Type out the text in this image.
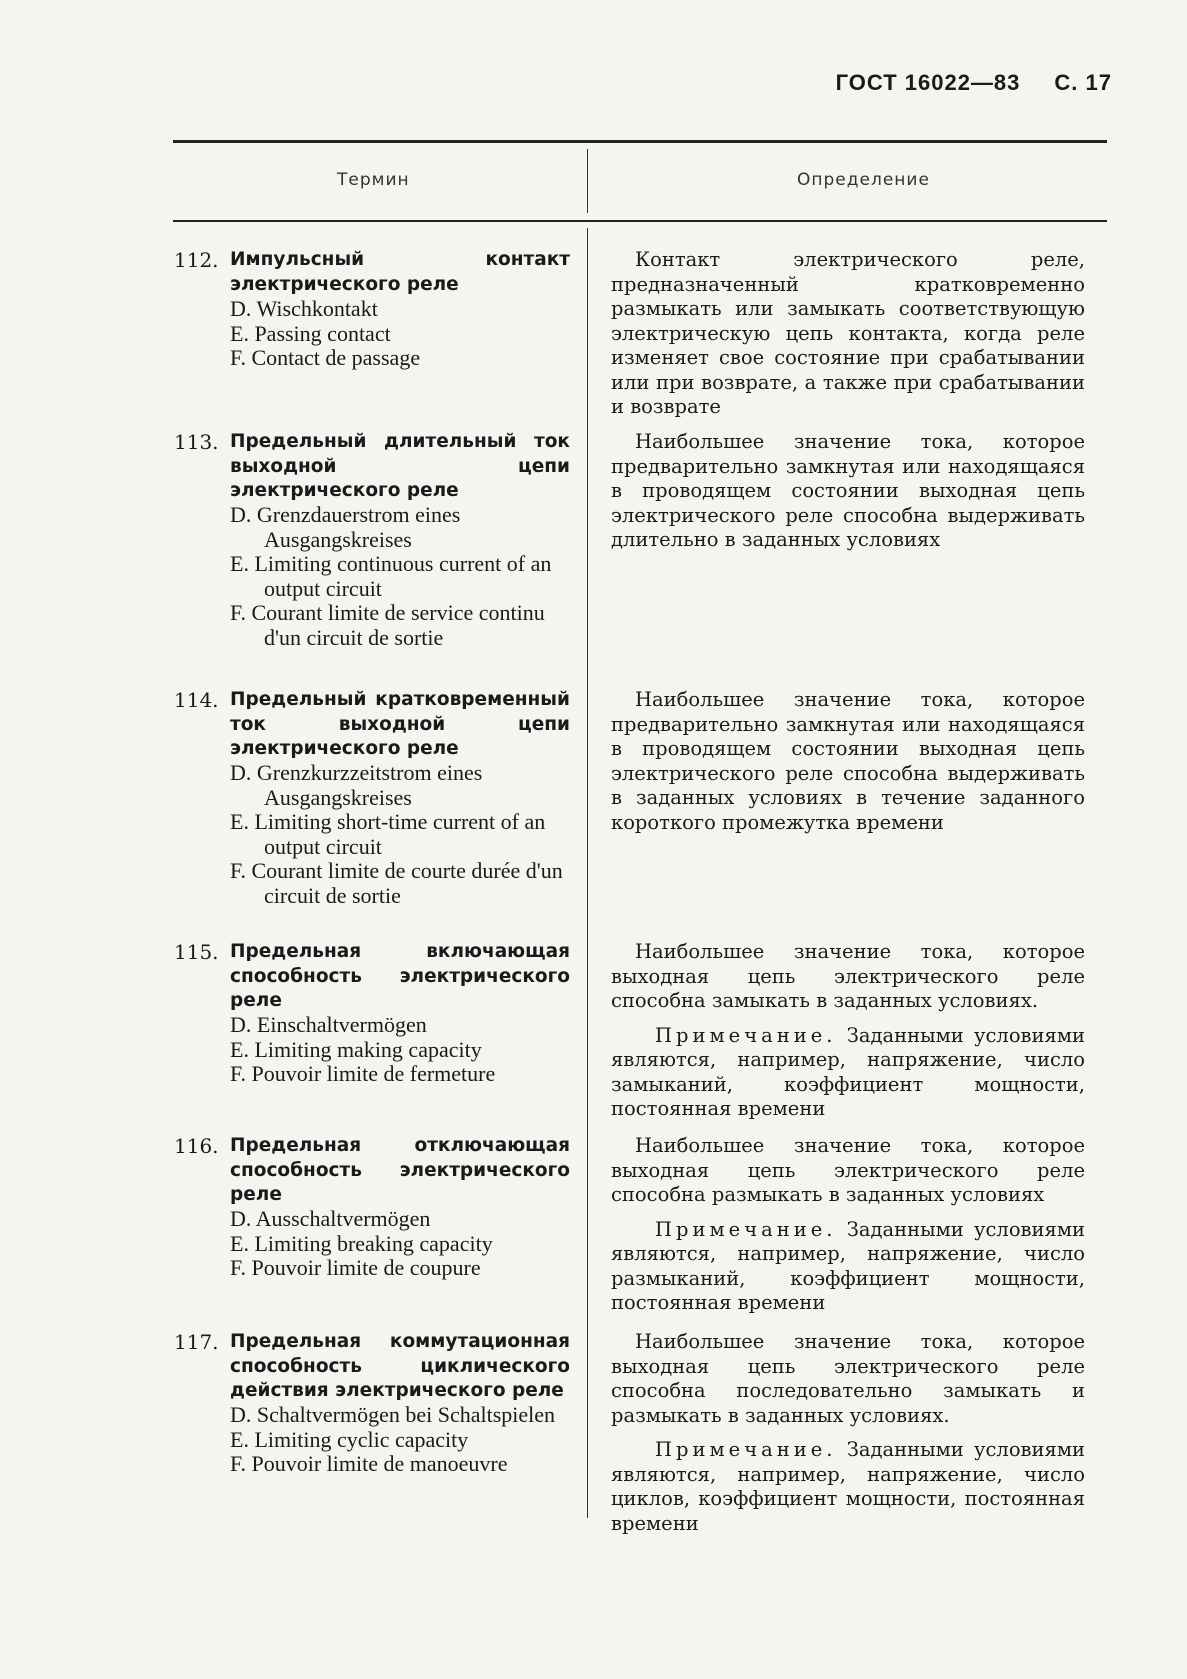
ГОСТ 16022—83 С. 17
Термин	Определение
112. Импульсный контакт электрического реле
D. Wischkontakt
E. Passing contact
F. Contact de passage

Контакт электрического реле, предназначенный кратковременно размыкать или замыкать соответствующую электрическую цепь контакта, когда реле изменяет свое состояние при срабатывании или при возврате, а также при срабатывании и возврате

113. Предельный длительный ток выходной цепи электрического реле
D. Grenzdauerstrom eines Ausgangskreises
E. Limiting continuous current of an output circuit
F. Courant limite de service continu d'un circuit de sortie

Наибольшее значение тока, которое предварительно замкнутая или находящаяся в проводящем состоянии выходная цепь электрического реле способна выдерживать длительно в заданных условиях

114. Предельный кратковременный ток выходной цепи электрического реле
D. Grenzkurzzeitstrom eines Ausgangskreises
E. Limiting short-time current of an output circuit
F. Courant limite de courte durée d'un circuit de sortie

Наибольшее значение тока, которое предварительно замкнутая или находящаяся в проводящем состоянии выходная цепь электрического реле способна выдерживать в заданных условиях в течение заданного короткого промежутка времени

115. Предельная включающая способность электрического реле
D. Einschaltvermögen
E. Limiting making capacity
F. Pouvoir limite de fermeture

Наибольшее значение тока, которое выходная цепь электрического реле способна замыкать в заданных условиях.

Примечание. Заданными условиями являются, например, напряжение, число замыканий, коэффициент мощности, постоянная времени

116. Предельная отключающая способность электрического реле
D. Ausschaltvermögen
E. Limiting breaking capacity
F. Pouvoir limite de coupure

Наибольшее значение тока, которое выходная цепь электрического реле способна размыкать в заданных условиях

Примечание. Заданными условиями являются, например, напряжение, число размыканий, коэффициент мощности, постоянная времени

117. Предельная коммутационная способность циклического действия электрического реле
D. Schaltvermögen bei Schaltspielen
E. Limiting cyclic capacity
F. Pouvoir limite de manoeuvre

Наибольшее значение тока, которое выходная цепь электрического реле способна последовательно замыкать и размыкать в заданных условиях.

Примечание. Заданными условиями являются, например, напряжение, число циклов, коэффициент мощности, постоянная времени
